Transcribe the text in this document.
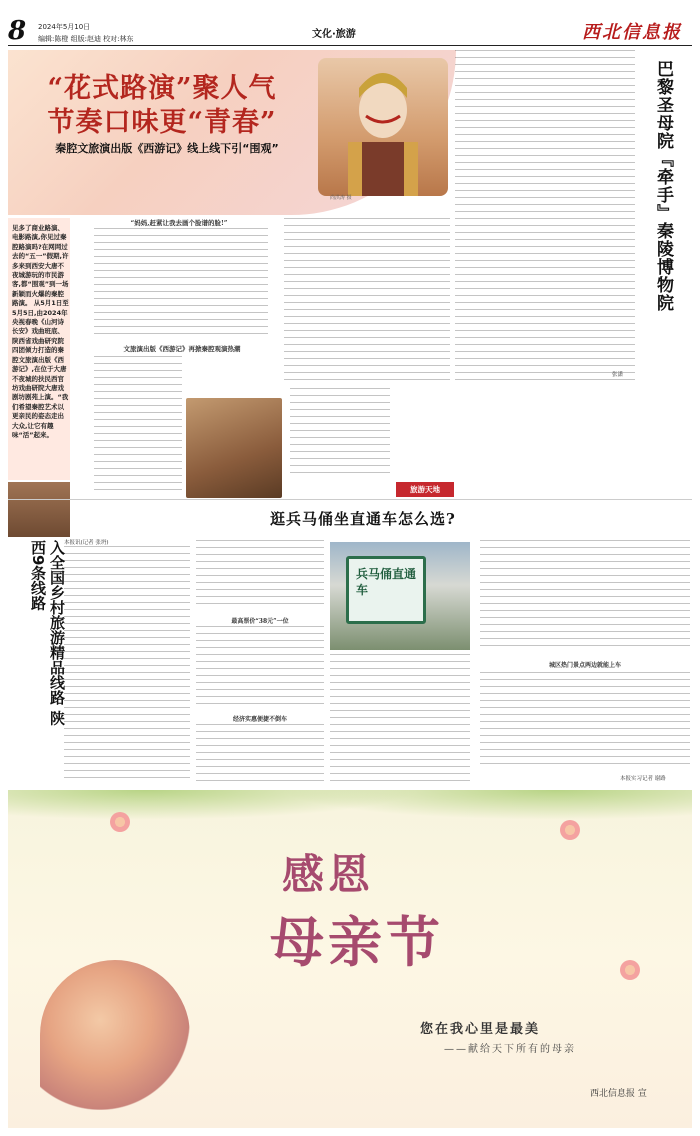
8 2024年5月10日
编辑:陈橙 组版:赵迪 校对:林东	文化·旅游	西北信息报
“花式路演”聚人气
节奏口味更“青春”
秦腔文旅演出版《西游记》线上线下引“围观”
尚洪涛 摄
见多了商业路演、电影路演,你见过秦腔路演吗?在网网过去的“五一”假期,许多来到西安大唐不夜城游玩的市民游客,都“围观”到一场新颖而火爆的秦腔路演。 从5月1日至5月5日,由2024年央视春晚《山河诗长安》戏曲班底、陕西省戏曲研究院四团倾力打造的秦腔文旅演出版《西游记》,在位于大唐不夜城的扶民西官坊戏曲研院大唐戏剧坊剧苑上演。“我们希望秦腔艺术以更亲民的姿态走出大众,让它有趣味“活”起来。
“妈妈,赶紧让我去画个脸谱的脸!”
文旅演出版《西游记》再掀秦腔观演热潮
旅游天地
巴黎圣母院『牵手』秦陵博物院
张潇
逛兵马俑坐直通车怎么选?
入全国乡村旅游精品线路 陕西9条线路	本报讯(记者 张坍)
最高票价“38元”一位
经济实惠便捷不倒车
兵马俑直通车
城区热门景点两边就能上车
本报实习记者 谢路
感恩
母亲节
您在我心里是最美
——献给天下所有的母亲
西北信息报 宣
